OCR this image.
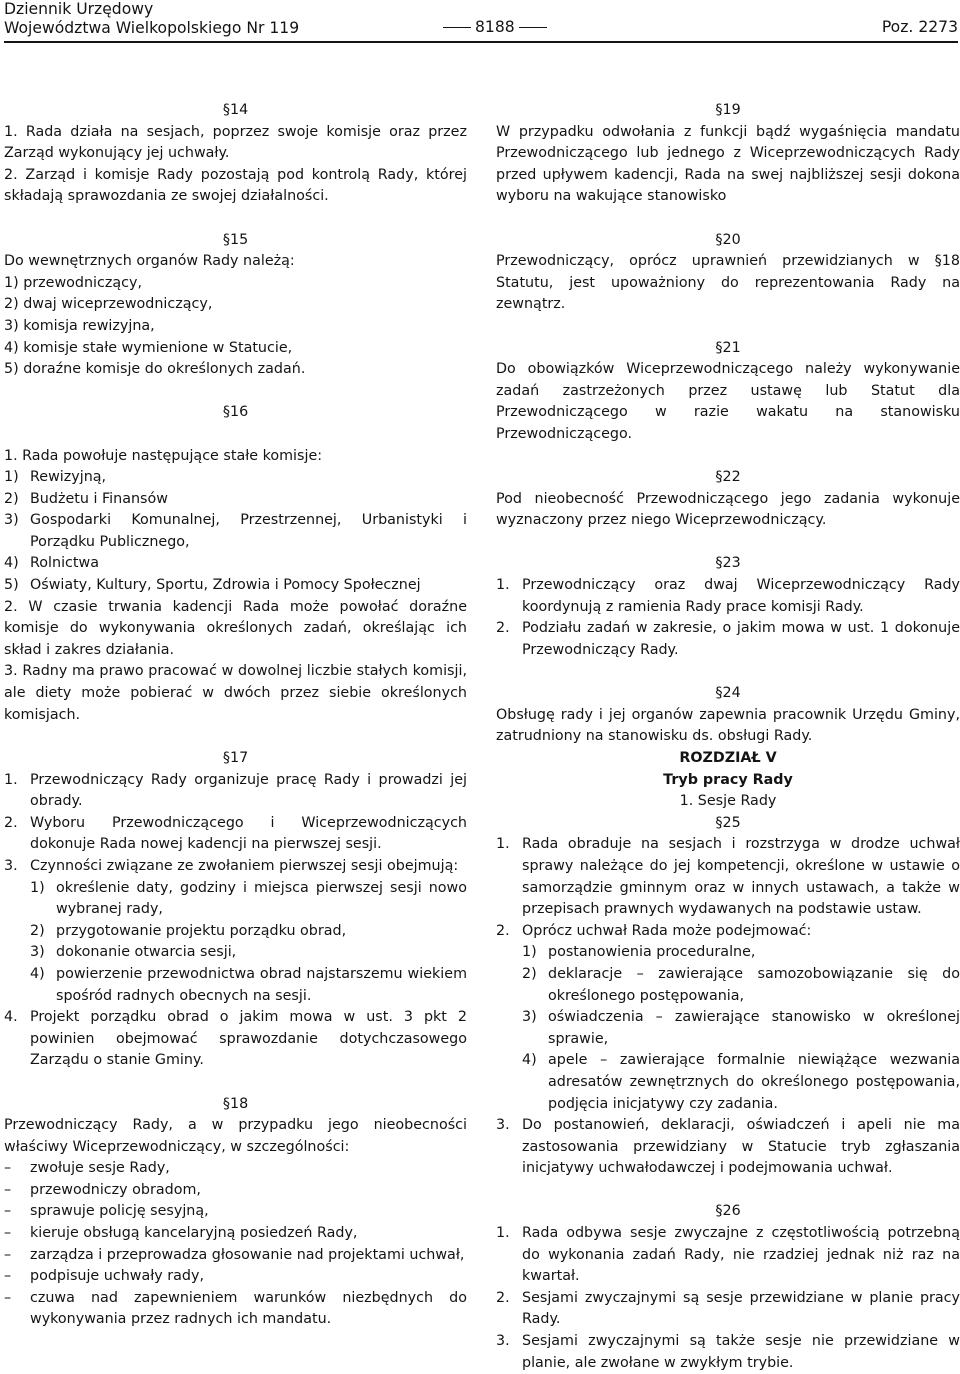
Dziennik Urzędowy
Województwa Wielkopolskiego Nr 119	8188	Poz. 2273
§14
1. Rada działa na sesjach, poprzez swoje komisje oraz przez Zarząd wykonujący jej uchwały.
2. Zarząd i komisje Rady pozostają pod kontrolą Rady, której składają sprawozdania ze swojej działalności.
§15
Do wewnętrznych organów Rady należą:
1) przewodniczący,
2) dwaj wiceprzewodniczący,
3) komisja rewizyjna,
4) komisje stałe wymienione w Statucie,
5) doraźne komisje do określonych zadań.
§16
1. Rada powołuje następujące stałe komisje:
1) Rewizyjną,
2) Budżetu i Finansów
3) Gospodarki Komunalnej, Przestrzennej, Urbanistyki i Porządku Publicznego,
4) Rolnictwa
5) Oświaty, Kultury, Sportu, Zdrowia i Pomocy Społecznej
2. W czasie trwania kadencji Rada może powołać doraźne komisje do wykonywania określonych zadań, określając ich skład i zakres działania.
3. Radny ma prawo pracować w dowolnej liczbie stałych komisji, ale diety może pobierać w dwóch przez siebie określonych komisjach.
§17
1. Przewodniczący Rady organizuje pracę Rady i prowadzi jej obrady.
2. Wyboru Przewodniczącego i Wiceprzewodniczących dokonuje Rada nowej kadencji na pierwszej sesji.
3. Czynności związane ze zwołaniem pierwszej sesji obejmują:
1) określenie daty, godziny i miejsca pierwszej sesji nowo wybranej rady,
2) przygotowanie projektu porządku obrad,
3) dokonanie otwarcia sesji,
4) powierzenie przewodnictwa obrad najstarszemu wiekiem spośród radnych obecnych na sesji.
4. Projekt porządku obrad o jakim mowa w ust. 3 pkt 2 powinien obejmować sprawozdanie dotychczasowego Zarządu o stanie Gminy.
§18
Przewodniczący Rady, a w przypadku jego nieobecności właściwy Wiceprzewodniczący, w szczególności:
–	zwołuje sesje Rady,
–	przewodniczy obradom,
–	sprawuje policję sesyjną,
–	kieruje obsługą kancelaryjną posiedzeń Rady,
–	zarządza i przeprowadza głosowanie nad projektami uchwał,
–	podpisuje uchwały rady,
–	czuwa nad zapewnieniem warunków niezbędnych do wykonywania przez radnych ich mandatu.
§19
W przypadku odwołania z funkcji bądź wygaśnięcia mandatu Przewodniczącego lub jednego z Wiceprzewodniczących Rady przed upływem kadencji, Rada na swej najbliższej sesji dokona wyboru na wakujące stanowisko
§20
Przewodniczący, oprócz uprawnień przewidzianych w §18 Statutu, jest upoważniony do reprezentowania Rady na zewnątrz.
§21
Do obowiązków Wiceprzewodniczącego należy wykonywanie zadań zastrzeżonych przez ustawę lub Statut dla Przewodniczącego w razie wakatu na stanowisku Przewodniczącego.
§22
Pod nieobecność Przewodniczącego jego zadania wykonuje wyznaczony przez niego Wiceprzewodniczący.
§23
1. Przewodniczący oraz dwaj Wiceprzewodniczący Rady koordynują z ramienia Rady prace komisji Rady.
2. Podziału zadań w zakresie, o jakim mowa w ust. 1 dokonuje Przewodniczący Rady.
§24
Obsługę rady i jej organów zapewnia pracownik Urzędu Gminy, zatrudniony na stanowisku ds. obsługi Rady.
ROZDZIAŁ V
Tryb pracy Rady
1. Sesje Rady
§25
1. Rada obraduje na sesjach i rozstrzyga w drodze uchwał sprawy należące do jej kompetencji, określone w ustawie o samorządzie gminnym oraz w innych ustawach, a także w przepisach prawnych wydawanych na podstawie ustaw.
2. Oprócz uchwał Rada może podejmować:
1) postanowienia proceduralne,
2) deklaracje – zawierające samozobowiązanie się do określonego postępowania,
3) oświadczenia – zawierające stanowisko w określonej sprawie,
4) apele – zawierające formalnie niewiążące wezwania adresatów zewnętrznych do określonego postępowania, podjęcia inicjatywy czy zadania.
3. Do postanowień, deklaracji, oświadczeń i apeli nie ma zastosowania przewidziany w Statucie tryb zgłaszania inicjatywy uchwałodawczej i podejmowania uchwał.
§26
1. Rada odbywa sesje zwyczajne z częstotliwością potrzebną do wykonania zadań Rady, nie rzadziej jednak niż raz na kwartał.
2. Sesjami zwyczajnymi są sesje przewidziane w planie pracy Rady.
3. Sesjami zwyczajnymi są także sesje nie przewidziane w planie, ale zwołane w zwykłym trybie.
